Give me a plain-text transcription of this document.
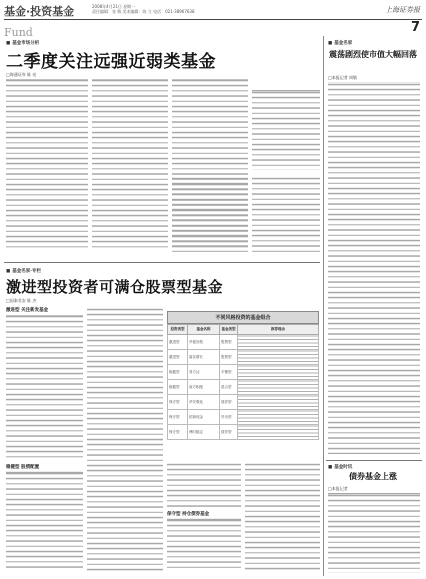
基金·投资基金	2008年4月21日 星期一
责任编辑：张 敏 美术编辑：陈 立 电话：021-38967638	上海证券报
Fund	7
■ 基金市场分析
二季度关注远强近弱类基金
□海通证券 陈 亮
■ 基金名家·专栏
激进型投资者可满仓股票型基金
□国泰君安 陈 杰
激进型 关注新发基金
稳健型 股债配置
保守型 持仓债券基金
不同风格投资的基金组合
投资类型	基金名称	基金类型	推荐理由
激进型	华夏回报	股票型	
激进型	嘉实增长	股票型	
稳健型	易方达	平衡型	
稳健型	南方积配	混合型	
保守型	华安强化	债券型	
保守型	招商现金	货币型	
保守型	博时稳定	债券型	
■ 基金名家
震荡剧烈使市值大幅回落
□本报记者 周敏
■ 基金时讯
债券基金上涨
□本报记者
